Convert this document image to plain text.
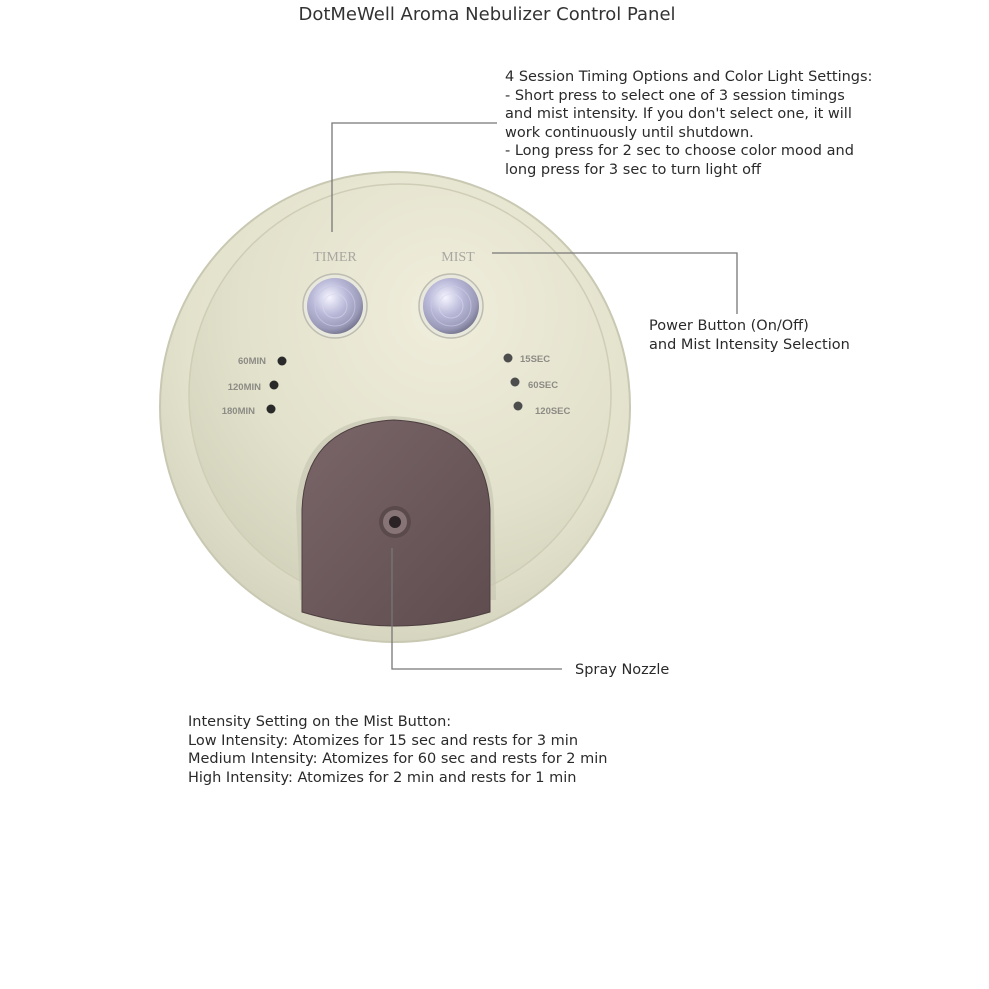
DotMeWell Aroma Nebulizer Control Panel
TIMER	MIST
60MIN
120MIN
180MIN
15SEC
60SEC
120SEC
4 Session Timing Options and Color Light Settings:
- Short press to select one of 3 session timings
and mist intensity. If you don't select one, it will
work continuously until shutdown.
- Long press for 2 sec to choose color mood and
long press for 3 sec to turn light off
Power Button (On/Off)
and Mist Intensity Selection
Spray Nozzle
Intensity Setting on the Mist Button:
Low Intensity: Atomizes for 15 sec and rests for 3 min
Medium Intensity: Atomizes for 60 sec and rests for 2 min
High Intensity: Atomizes for 2 min and rests for 1 min
